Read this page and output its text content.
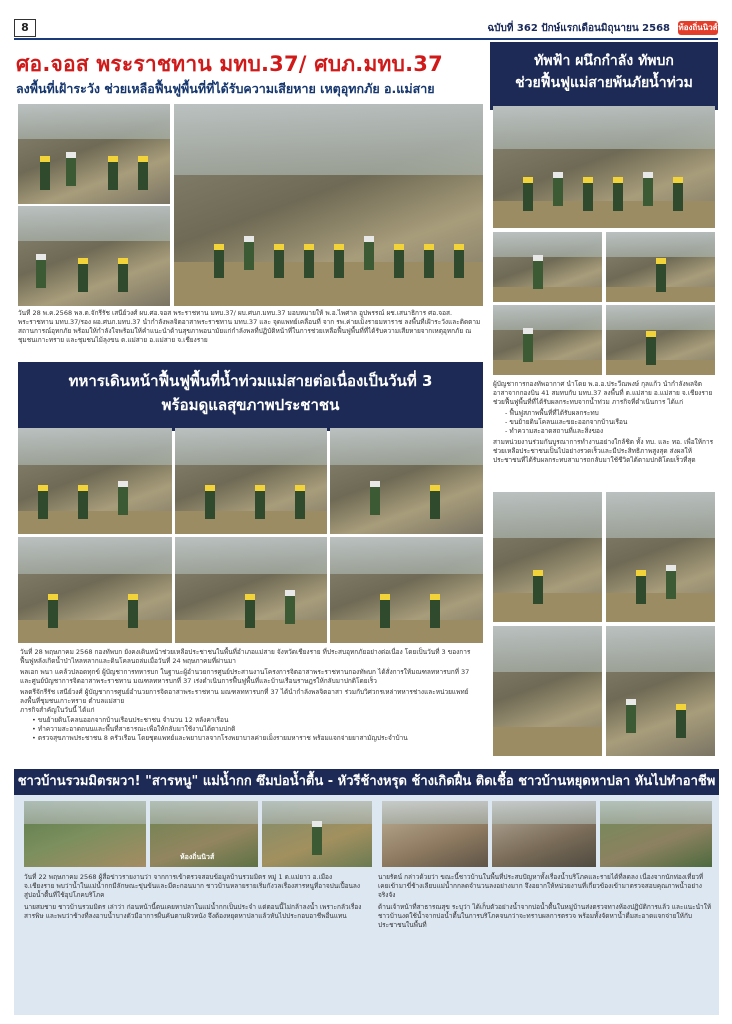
8	ฉบับที่ 362 ปักษ์แรกเดือนมิถุนายน 2568 ท้องถิ่นนิวส์
ศอ.จอส พระราชทาน มทบ.37/ ศบภ.มทบ.37
ลงพื้นที่เฝ้าระวัง ช่วยเหลือฟื้นฟูพื้นที่ที่ได้รับความเสียหาย เหตุอุทกภัย อ.แม่สาย
วันที่ 28 พ.ค.2568 พล.ต.จักรีรัช เสนีย์วงศ์ ผบ.ศอ.จอส พระราชทาน มทบ.37/ ผบ.ศบภ.มทบ.37 มอบหมายให้ พ.อ.ไพศาล อูปพรรณ์ ผช.เสนาธิการ ศอ.จอส. พระราชทาน มทบ.37/รอง ผอ.ศบภ.มทบ.37 นำกำลังพลจิตอาสาพระราชทาน มทบ.37 และ จุดแพทย์เคลื่อนที่ จาก รพ.ค่ายเม็งรายมหาราช ลงพื้นที่เฝ้าระวังและติดตามสถานการณ์อุทกภัย พร้อมให้กำลังใจพร้อมให้คำแนะนำด้านสุขภาพอนามัยแก่กำลังพลที่ปฏิบัติหน้าที่ในการช่วยเหลือฟื้นฟูพื้นที่ที่ได้รับความเสียหายจากเหตุอุทกภัย ณ ชุมชนเกาะทราย และชุมชนไม้ลุงขน ต.แม่สาย อ.แม่สาย จ.เชียงราย
ทหารเดินหน้าฟื้นฟูพื้นที่น้ำท่วมแม่สายต่อเนื่องเป็นวันที่ 3
พร้อมดูแลสุขภาพประชาชน
วันที่ 28 พฤษภาคม 2568 กองทัพบก ยังคงเดินหน้าช่วยเหลือประชาชนในพื้นที่อำเภอแม่สาย จังหวัดเชียงราย ที่ประสบอุทกภัยอย่างต่อเนื่อง โดยเป็นวันที่ 3 ของการฟื้นฟูหลังเกิดน้ำป่าไหลหลากและดินโคลนถล่มเมื่อวันที่ 24 พฤษภาคมที่ผ่านมา
พลเอก พนา แคล้วปลอดทุกข์ ผู้บัญชาการทหารบก ในฐานะผู้อำนวยการศูนย์ประสานงานโครงการจิตอาสาพระราชทานกองทัพบก ได้สั่งการให้มณฑลทหารบกที่ 37 และศูนย์บัญชาการจิตอาสาพระราชทาน มณฑลทหารบกที่ 37 เร่งดำเนินการฟื้นฟูพื้นที่และบ้านเรือนราษฎรให้กลับมาปกติโดยเร็ว
พลตรีจักรีรัช เสนีย์วงศ์ ผู้บัญชาการศูนย์อำนวยการจิตอาสาพระราชทาน มณฑลทหารบกที่ 37 ได้นำกำลังพลจิตอาสา ร่วมกับวิศวกรเหล่าทหารช่างและหน่วยแพทย์ ลงพื้นที่ชุมชนเกาะทราย ตำบลแม่สาย
ภารกิจสำคัญในวันนี้ ได้แก่
• ขนย้ายดินโคลนออกจากบ้านเรือนประชาชน จำนวน 12 หลังคาเรือน
• ทำความสะอาดถนนและพื้นที่สาธารณะเพื่อให้กลับมาใช้งานได้ตามปกติ
• ตรวจสุขภาพประชาชน 8 ครัวเรือน โดยชุดแพทย์และพยาบาลจากโรงพยาบาลค่ายเม็งรายมหาราช พร้อมแจกจ่ายยาสามัญประจำบ้าน
ทัพฟ้า ผนึกกำลัง ทัพบก
ช่วยฟื้นฟูแม่สายพ้นภัยน้ำท่วม
ผู้บัญชาการกองทัพอากาศ นำโดย พ.อ.อ.ประวีณพงษ์ กุลแก้ว นำกำลังพลจิตอาสาจากกองบิน 41 สมทบกับ มทบ.37 ลงพื้นที่ ต.แม่สาย อ.แม่สาย จ.เชียงราย ช่วยฟื้นฟูพื้นที่ที่ได้รับผลกระทบจากน้ำท่วม ภารกิจที่ดำเนินการ ได้แก่
- ฟื้นฟูสภาพพื้นที่ที่ได้รับผลกระทบ
- ขนย้ายดินโคลนและขยะออกจากบ้านเรือน
- ทำความสะอาดสถานที่และสิ่งของ
สามหน่วยงานร่วมกันบูรณาการทำงานอย่างใกล้ชิด ทั้ง ทบ. และ ทอ. เพื่อให้การช่วยเหลือประชาชนเป็นไปอย่างรวดเร็วและมีประสิทธิภาพสูงสุด ส่งผลให้ประชาชนที่ได้รับผลกระทบสามารถกลับมาใช้ชีวิตได้ตามปกติโดยเร็วที่สุด
ชาวบ้านรวมมิตรผวา! "สารหนู" แม่น้ำกก ซึมบ่อน้ำตื้น - หัวรีช้างหรุด ช้างเกิดฝื่น ติดเชื้อ ชาวบ้านหยุดหาปลา หันไปทำอาชีพ
ห้องถิ่นนิวส์
วันที่ 22 พฤษภาคม 2568 ผู้สื่อข่าวรายงานว่า จากการเข้าตรวจสอบข้อมูลบ้านรวมมิตร หมู่ 1 ต.แม่ยาว อ.เมือง จ.เชียงราย พบว่าน้ำในแม่น้ำกกมีลักษณะขุ่นข้นและมีตะกอนมาก ชาวบ้านหลายรายเริ่มกังวลเรื่องสารหนูที่อาจปนเปื้อนลงสู่บ่อน้ำตื้นที่ใช้อุปโภคบริโภค
นายสมชาย ชาวบ้านรวมมิตร เล่าว่า ก่อนหน้านี้ตนเคยหาปลาในแม่น้ำกกเป็นประจำ แต่ตอนนี้ไม่กล้าลงน้ำ เพราะกลัวเรื่องสารพิษ และพบว่าช้างที่ลงอาบน้ำบางตัวมีอาการผื่นคันตามผิวหนัง จึงต้องหยุดหาปลาแล้วหันไปประกอบอาชีพอื่นแทน
นายรัตน์ กล่าวด้วยว่า ขณะนี้ชาวบ้านในพื้นที่ประสบปัญหาทั้งเรื่องน้ำบริโภคและรายได้ที่ลดลง เนื่องจากนักท่องเที่ยวที่เคยเข้ามาขี่ช้างเลียบแม่น้ำกกลดจำนวนลงอย่างมาก จึงอยากให้หน่วยงานที่เกี่ยวข้องเข้ามาตรวจสอบคุณภาพน้ำอย่างจริงจัง
ด้านเจ้าหน้าที่สาธารณสุข ระบุว่า ได้เก็บตัวอย่างน้ำจากบ่อน้ำตื้นในหมู่บ้านส่งตรวจทางห้องปฏิบัติการแล้ว และแนะนำให้ชาวบ้านงดใช้น้ำจากบ่อน้ำตื้นในการบริโภคจนกว่าจะทราบผลการตรวจ พร้อมทั้งจัดหาน้ำดื่มสะอาดแจกจ่ายให้กับประชาชนในพื้นที่
